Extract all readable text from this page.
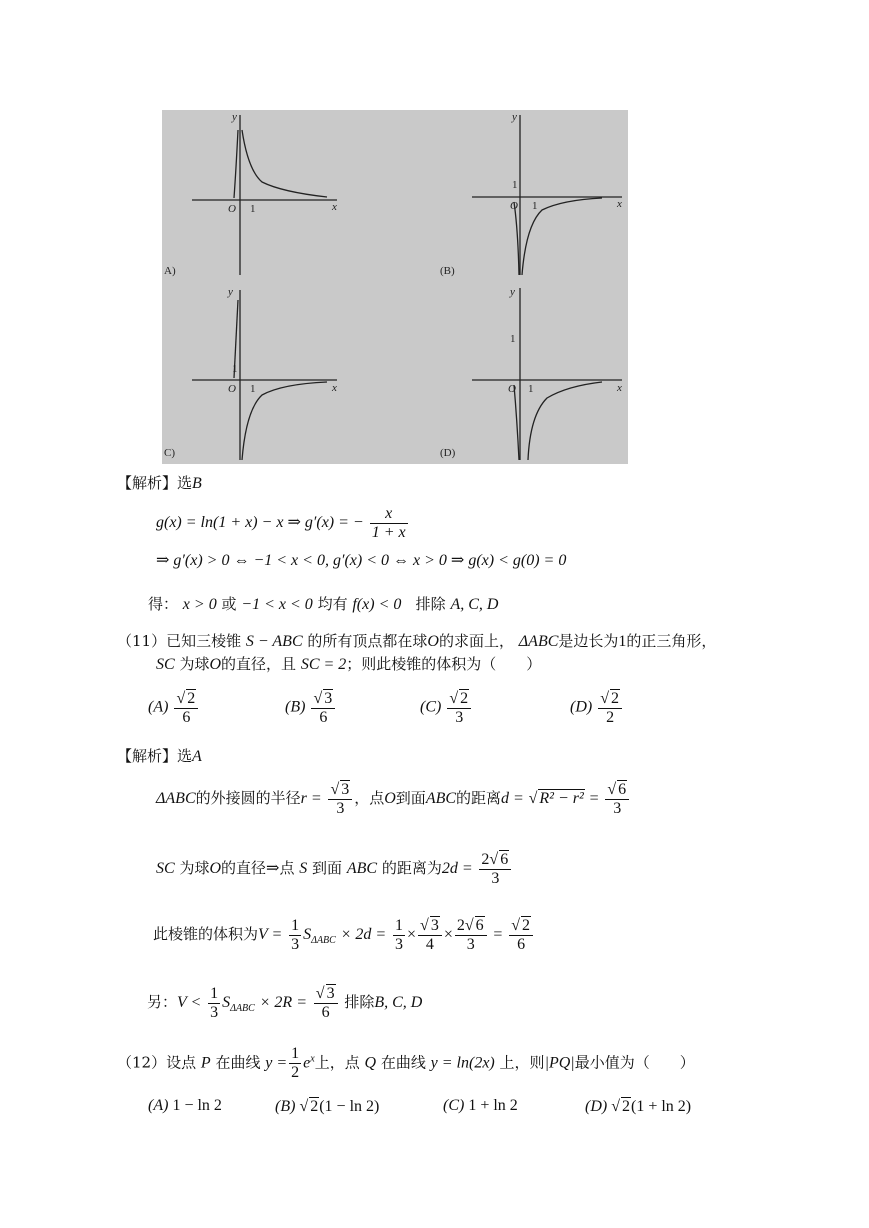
x
y
O 1
A)
x
y
O 1
1
(B)
x
y
O 1
1
C)
x
y
O 1
1
(D)
【解析】选B
g(x) = ln(1 + x) − x ⇒ g′(x) = − $\frac{x}{1 + x}$
⇒ g′(x) > 0 ⇔ −1 < x < 0, g′(x) < 0 ⇔ x > 0 ⇒ g(x) < g(0) = 0
得： x > 0 或 −1 < x < 0 均有 f(x) < 0 排除 A, C, D
（11）已知三棱锥 S − ABC 的所有顶点都在球O的求面上， ΔABC是边长为1的正三角形，
SC 为球O的直径，且 SC = 2；则此棱锥的体积为（　　）
(A) √ $\frac{2}{6}$	(B) √ $\frac{3}{6}$	(C) √ $\frac{2}{3}$	(D) √ $\frac{2}{2}$
【解析】选A
ΔABC的外接圆的半径r = √ $\frac{3}{3}$ ，点O到面ABC的距离d = √ R² − r² = √ $\frac{6}{3}$
SC 为球O的直径⇒点 S 到面 ABC 的距离为$2d = \frac{2 √ 6}{3}$
此棱锥的体积为$V = \frac{1}{3} S_{\Delta ABC} \times 2d = \frac{1}{3}$ × √ $\frac{3}{4} \times \frac{2 √ 6}{3}$ = √ $\frac{2}{6}$
另：$V < \frac{1}{3} S_{\Delta ABC} \times 2R$ = √ $\frac{3}{6}$ 排除B, C, D
（12）设点 P 在曲线 $y = \frac{1}{2} e^x$上，点 Q 在曲线 y = ln(2x) 上，则|PQ|最小值为（　　）
(A) 1 − ln 2	(B) √ 2(1 − ln 2)	(C) 1 + ln 2	(D) √ 2(1 + ln 2)
